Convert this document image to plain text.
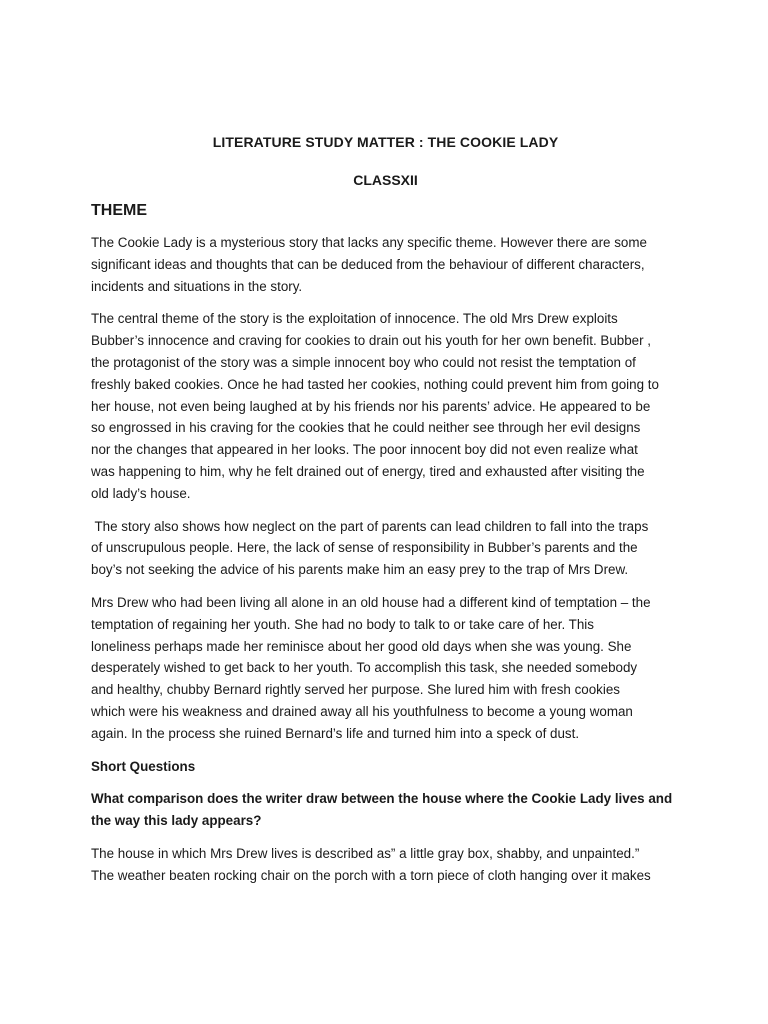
LITERATURE STUDY MATTER : THE COOKIE LADY
CLASSXII
THEME
The Cookie Lady is a mysterious story that lacks any specific theme. However there are some
significant ideas and thoughts that can be deduced from the behaviour of different characters,
incidents and situations in the story.
The central theme of the story is the exploitation of innocence. The old Mrs Drew exploits
Bubber’s innocence and craving for cookies to drain out his youth for her own benefit. Bubber ,
the protagonist of the story was a simple innocent boy who could not resist the temptation of
freshly baked cookies. Once he had tasted her cookies, nothing could prevent him from going to
her house, not even being laughed at by his friends nor his parents’ advice. He appeared to be
so engrossed in his craving for the cookies that he could neither see through her evil designs
nor the changes that appeared in her looks. The poor innocent boy did not even realize what
was happening to him, why he felt drained out of energy, tired and exhausted after visiting the
old lady’s house.
The story also shows how neglect on the part of parents can lead children to fall into the traps
of unscrupulous people. Here, the lack of sense of responsibility in Bubber’s parents and the
boy’s not seeking the advice of his parents make him an easy prey to the trap of Mrs Drew.
Mrs Drew who had been living all alone in an old house had a different kind of temptation – the
temptation of regaining her youth. She had no body to talk to or take care of her. This
loneliness perhaps made her reminisce about her good old days when she was young. She
desperately wished to get back to her youth. To accomplish this task, she needed somebody
and healthy, chubby Bernard rightly served her purpose. She lured him with fresh cookies
which were his weakness and drained away all his youthfulness to become a young woman
again. In the process she ruined Bernard’s life and turned him into a speck of dust.
Short Questions
What comparison does the writer draw between the house where the Cookie Lady lives and
the way this lady appears?
The house in which Mrs Drew lives is described as” a little gray box, shabby, and unpainted.”
The weather beaten rocking chair on the porch with a torn piece of cloth hanging over it makes
